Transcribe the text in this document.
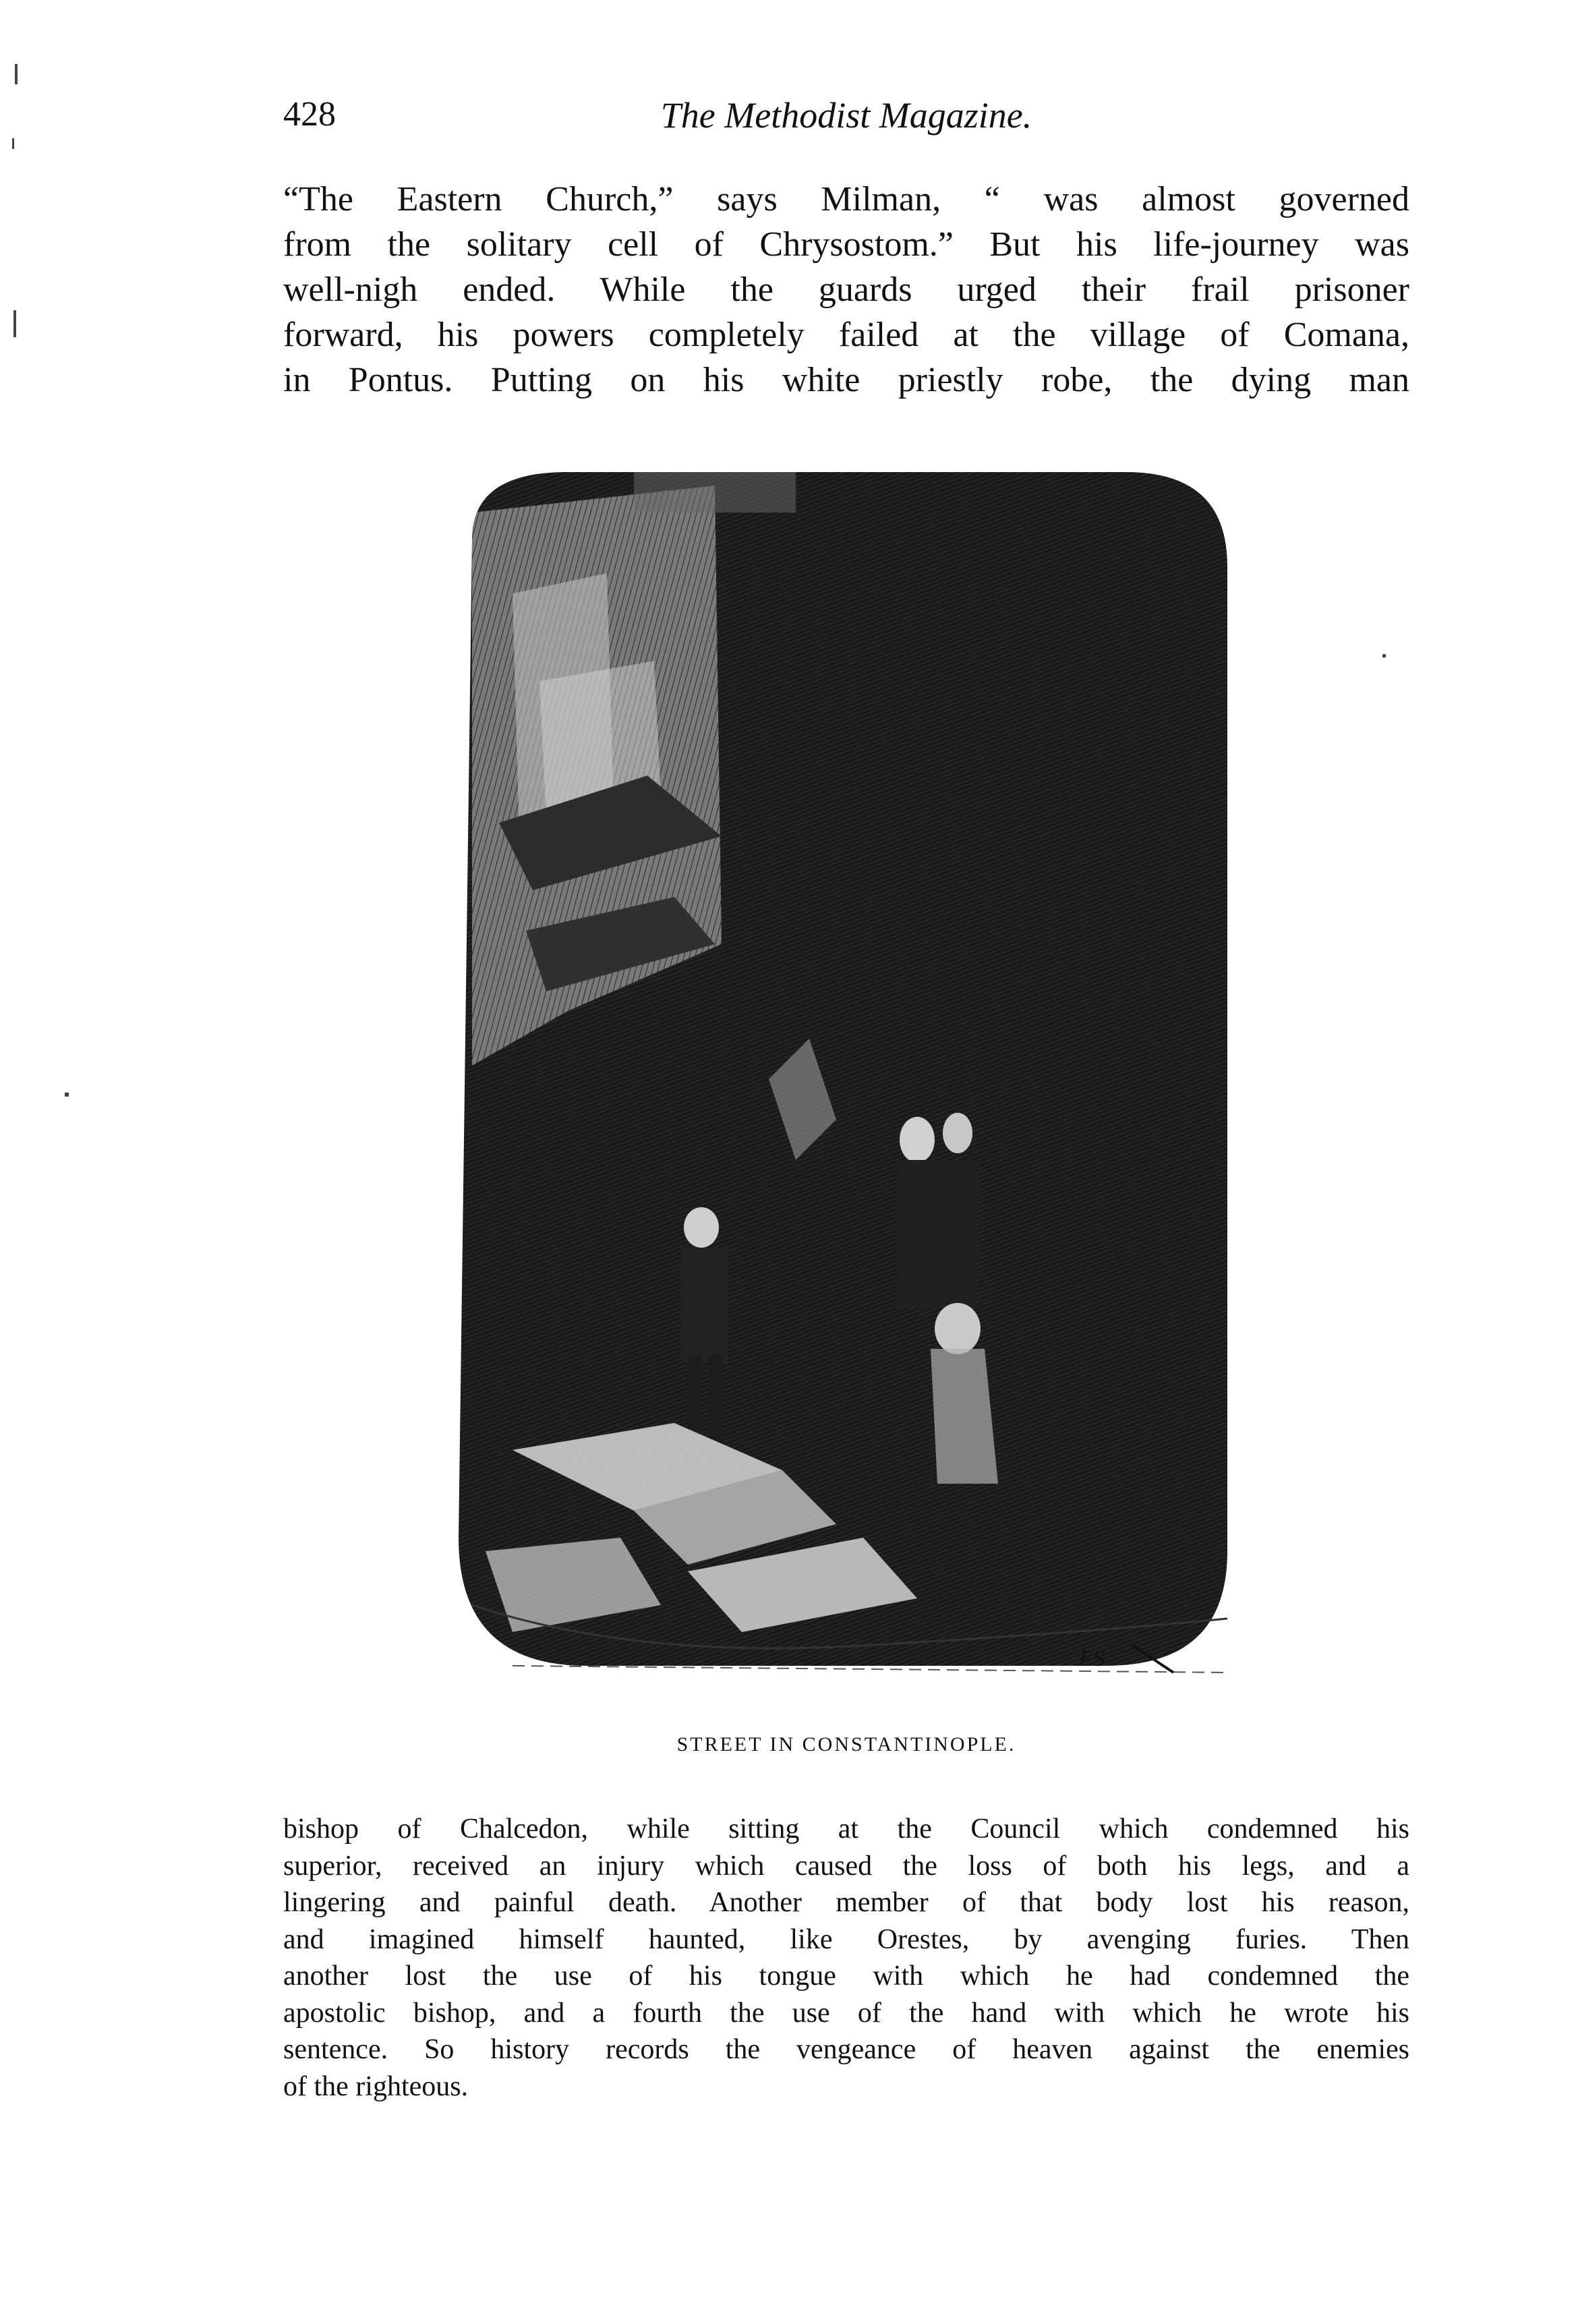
428	The Methodist Magazine.

“The Eastern Church,” says Milman, “ was almost governed
from the solitary cell of Chrysostom.” But his life-journey was
well-nigh ended. While the guards urged their frail prisoner
forward, his powers completely failed at the village of Comana,
in Pontus. Putting on his white priestly robe, the dying man

ES
STREET IN CONSTANTINOPLE.

bishop of Chalcedon, while sitting at the Council which condemned his
superior, received an injury which caused the loss of both his legs, and a
lingering and painful death. Another member of that body lost his reason,
and imagined himself haunted, like Orestes, by avenging furies. Then
another lost the use of his tongue with which he had condemned the
apostolic bishop, and a fourth the use of the hand with which he wrote his
sentence. So history records the vengeance of heaven against the enemies
of the righteous.
